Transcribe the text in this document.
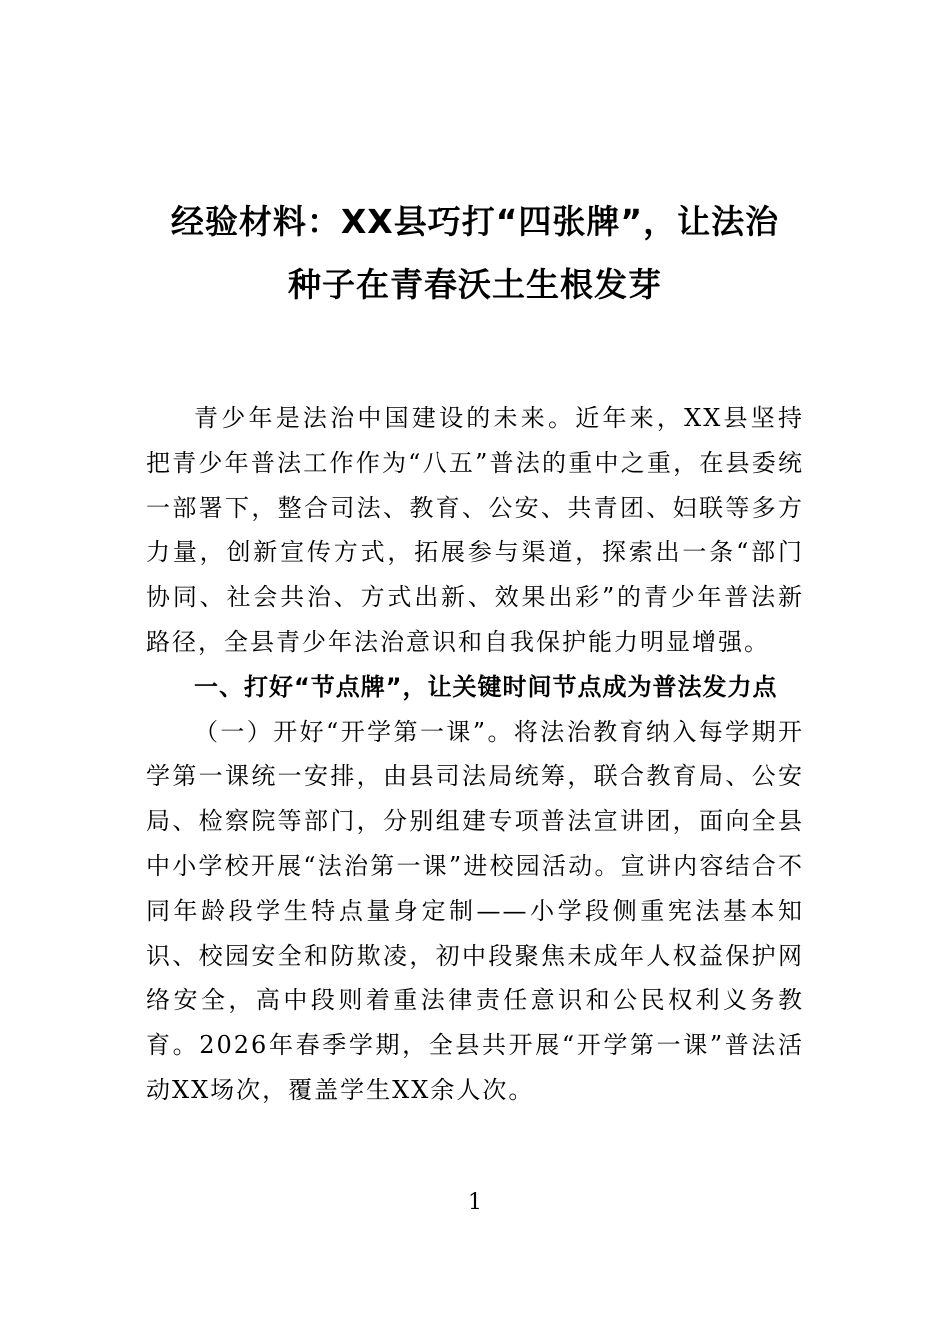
经验材料：XX县巧打“四张牌”，让法治
种子在青春沃土生根发芽

青少年是法治中国建设的未来。近年来，XX县坚持把青少年普法工作作为“八五”普法的重中之重，在县委统一部署下，整合司法、教育、公安、共青团、妇联等多方力量，创新宣传方式，拓展参与渠道，探索出一条“部门协同、社会共治、方式出新、效果出彩”的青少年普法新路径，全县青少年法治意识和自我保护能力明显增强。

一、打好“节点牌”，让关键时间节点成为普法发力点

（一）开好“开学第一课”。将法治教育纳入每学期开学第一课统一安排，由县司法局统筹，联合教育局、公安局、检察院等部门，分别组建专项普法宣讲团，面向全县中小学校开展“法治第一课”进校园活动。宣讲内容结合不同年龄段学生特点量身定制——小学段侧重宪法基本知识、校园安全和防欺凌，初中段聚焦未成年人权益保护网络安全，高中段则着重法律责任意识和公民权利义务教育。2026年春季学期，全县共开展“开学第一课”普法活动XX场次，覆盖学生XX余人次。

1
